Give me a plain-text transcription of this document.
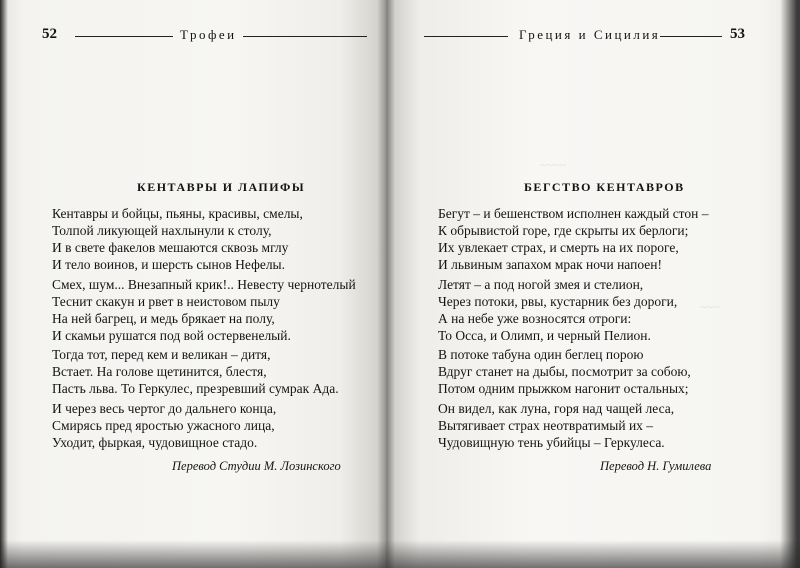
~~~~
~~~
52	Трофеи
КЕНТАВРЫ И ЛАПИФЫ
Кентавры и бойцы, пьяны, красивы, смелы,
Толпой ликующей нахлынули к столу,
И в свете факелов мешаются сквозь мглу
И тело воинов, и шерсть сынов Нефелы.
Смех, шум... Внезапный крик!.. Невесту чернотелый
Теснит скакун и рвет в неистовом пылу
На ней багрец, и медь брякает на полу,
И скамьи рушатся под вой остервенелый.
Тогда тот, перед кем и великан – дитя,
Встает. На голове щетинится, блестя,
Пасть льва. То Геркулес, презревший сумрак Ада.
И через весь чертог до дальнего конца,
Смирясь пред яростью ужасного лица,
Уходит, фыркая, чудовищное стадо.
Перевод Студии М. Лозинского
Греция и Сицилия	53
БЕГСТВО КЕНТАВРОВ
Бегут – и бешенством исполнен каждый стон –
К обрывистой горе, где скрыты их берлоги;
Их увлекает страх, и смерть на их пороге,
И львиным запахом мрак ночи напоен!
Летят – а под ногой змея и стелион,
Через потоки, рвы, кустарник без дороги,
А на небе уже возносятся отроги:
То Осса, и Олимп, и черный Пелион.
В потоке табуна один беглец порою
Вдруг станет на дыбы, посмотрит за собою,
Потом одним прыжком нагонит остальных;
Он видел, как луна, горя над чащей леса,
Вытягивает страх неотвратимый их –
Чудовищную тень убийцы – Геркулеса.
Перевод Н. Гумилева
